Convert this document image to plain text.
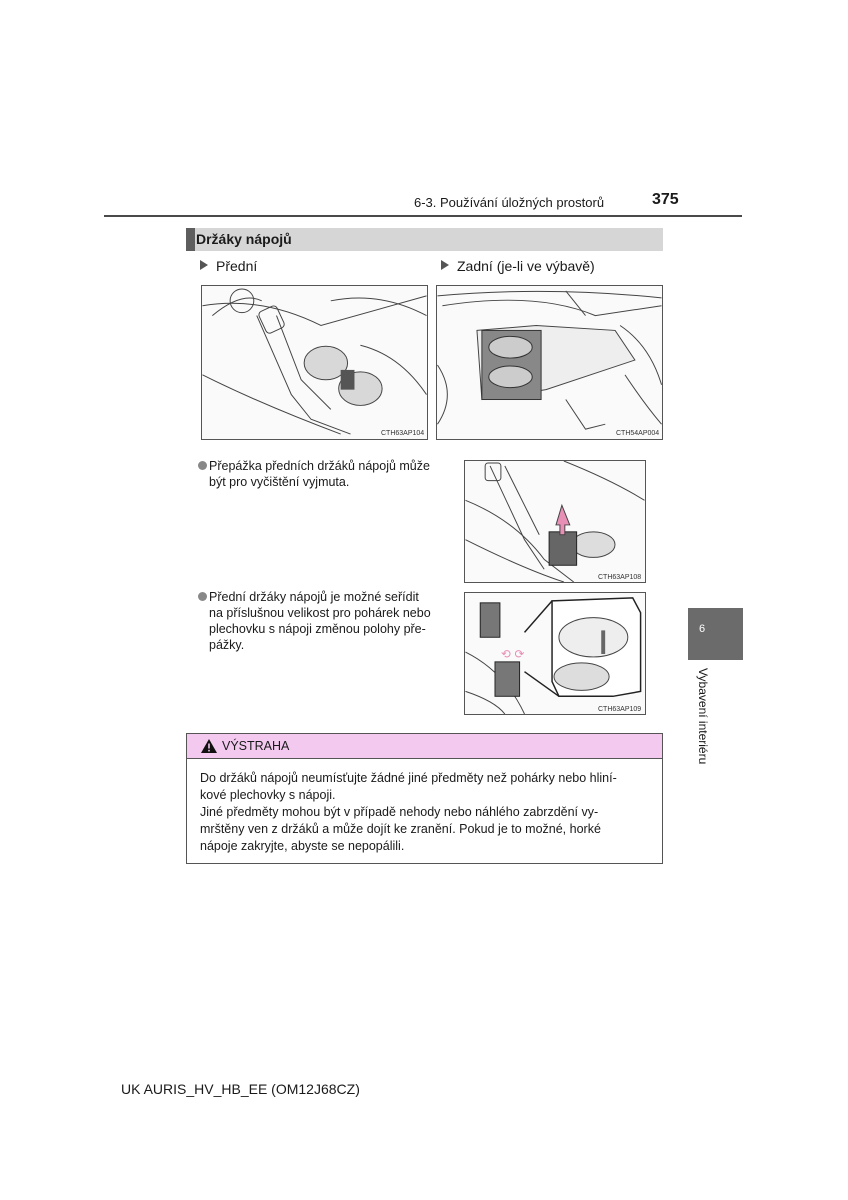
6-3. Používání úložných prostorů	375
Držáky nápojů
Přední	Zadní (je-li ve výbavě)
CTH63AP104	CTH54AP004
Přepážka předních držáků nápojů může
být pro vyčištění vyjmuta.
CTH63AP108
Přední držáky nápojů je možné seřídit
na příslušnou velikost pro pohárek nebo
plechovku s nápoji změnou polohy pře-
pážky.
⟲ ⟳
CTH63AP109
VÝSTRAHA
Do držáků nápojů neumísťujte žádné jiné předměty než pohárky nebo hliní-
kové plechovky s nápoji.
Jiné předměty mohou být v případě nehody nebo náhlého zabrzdění vy-
mrštěny ven z držáků a může dojít ke zranění. Pokud je to možné, horké
nápoje zakryjte, abyste se nepopálili.
6
Vybavení interiéru
UK AURIS_HV_HB_EE (OM12J68CZ)
